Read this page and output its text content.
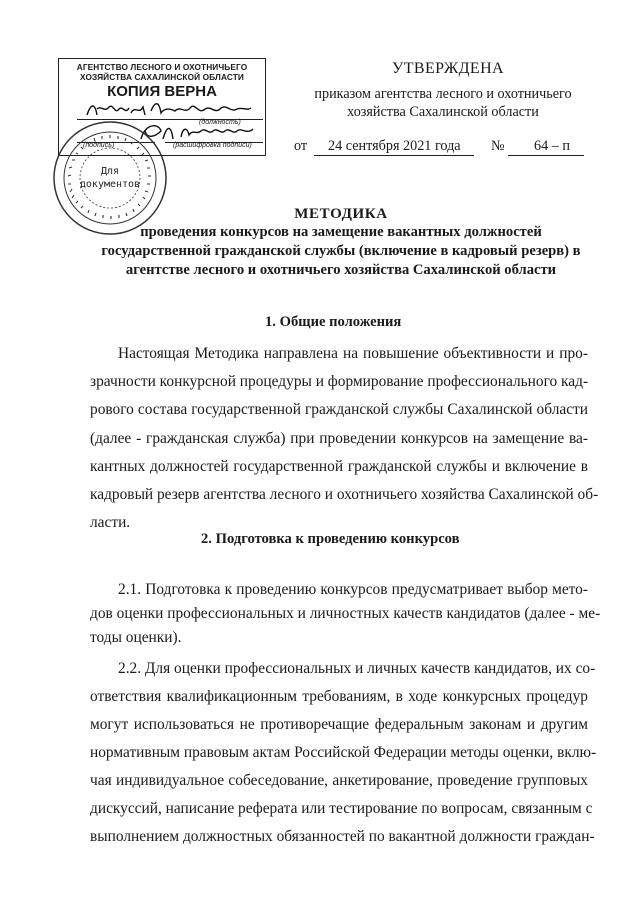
АГЕНТСТВО ЛЕСНОГО И ОХОТНИЧЬЕГО
ХОЗЯЙСТВА САХАЛИНСКОЙ ОБЛАСТИ
КОПИЯ ВЕРНА
(должность)
(подпись)	(расшифровка подписи)
Для
документов
УТВЕРЖДЕНА
приказом агентства лесного и охотничьего
хозяйства Сахалинской области
от 24 сентября 2021 года № 64 – п
МЕТОДИКА
проведения конкурсов на замещение вакантных должностей
государственной гражданской службы (включение в кадровый резерв) в
агентстве лесного и охотничьего хозяйства Сахалинской области
1. Общие положения
Настоящая Методика направлена на повышение объективности и про-
зрачности конкурсной процедуры и формирование профессионального кад-
рового состава государственной гражданской службы Сахалинской области
(далее - гражданская служба) при проведении конкурсов на замещение ва-
кантных должностей государственной гражданской службы и включение в
кадровый резерв агентства лесного и охотничьего хозяйства Сахалинской об-
ласти.
2. Подготовка к проведению конкурсов
2.1. Подготовка к проведению конкурсов предусматривает выбор мето-
дов оценки профессиональных и личностных качеств кандидатов (далее - ме-
тоды оценки).
2.2. Для оценки профессиональных и личных качеств кандидатов, их со-
ответствия квалификационным требованиям, в ходе конкурсных процедур
могут использоваться не противоречащие федеральным законам и другим
нормативным правовым актам Российской Федерации методы оценки, вклю-
чая индивидуальное собеседование, анкетирование, проведение групповых
дискуссий, написание реферата или тестирование по вопросам, связанным с
выполнением должностных обязанностей по вакантной должности граждан-
